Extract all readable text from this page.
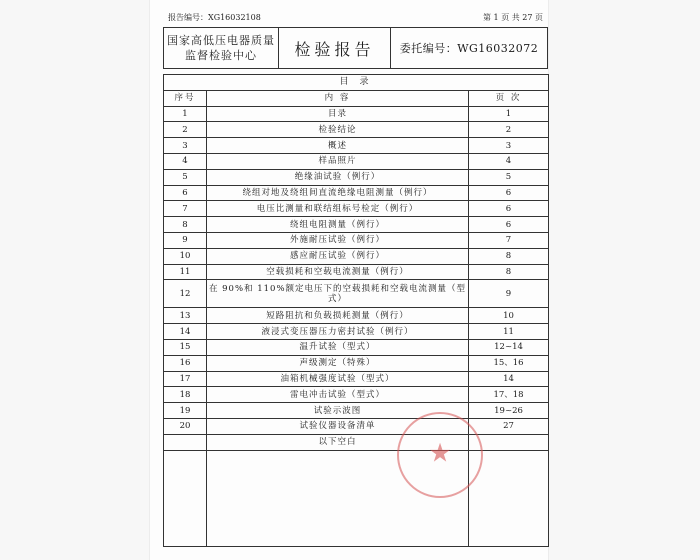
报告编号：XG16032108	第 1 页 共 27 页
国家高低压电器质量
监督检验中心	检验报告	委托编号：WG16032072
目 录		
序号	内 容	页 次
1	目录	1
2	检验结论	2
3	概述	3
4	样品照片	4
5	绝缘油试验（例行）	5
6	绕组对地及绕组间直流绝缘电阻测量（例行）	6
7	电压比测量和联结组标号检定（例行）	6
8	绕组电阻测量（例行）	6
9	外施耐压试验（例行）	7
10	感应耐压试验（例行）	8
11	空载损耗和空载电流测量（例行）	8
12	在 90%和 110%额定电压下的空载损耗和空载电流测量（型式）	9
13	短路阻抗和负载损耗测量（例行）	10
14	液浸式变压器压力密封试验（例行）	11
15	温升试验（型式）	12~14
16	声级测定（特殊）	15、16
17	油箱机械强度试验（型式）	14
18	雷电冲击试验（型式）	17、18
19	试验示波图	19~26
20	试验仪器设备清单	27
	以下空白	
			★
